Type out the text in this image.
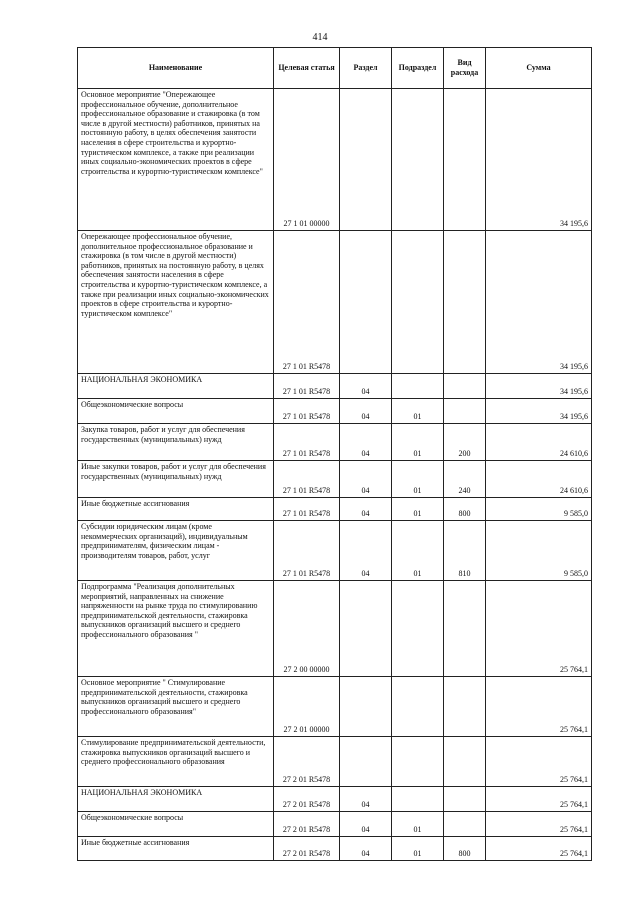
414
Наименование	Целевая статья	Раздел	Подраздел	Вид расхода	Сумма
Основное мероприятие "Опережающее профессиональное обучение, дополнительное профессиональное образование и стажировка (в том числе в другой местности) работников, принятых на постоянную работу, в целях обеспечения занятости населения в сфере строительства и курортно-туристическом комплексе, а также при реализации иных социально-экономических проектов в сфере строительства и курортно-туристическом комплексе"	27 1 01 00000				34 195,6
Опережающее профессиональное обучение, дополнительное профессиональное образование и стажировка (в том числе в другой местности) работников, принятых на постоянную работу, в целях обеспечения занятости населения в сфере строительства и курортно-туристическом комплексе, а также при реализации иных социально-экономических проектов в сфере строительства и курортно-туристическом комплексе"	27 1 01 R5478				34 195,6
НАЦИОНАЛЬНАЯ ЭКОНОМИКА	27 1 01 R5478	04			34 195,6
Общеэкономические вопросы	27 1 01 R5478	04	01		34 195,6
Закупка товаров, работ и услуг для обеспечения государственных (муниципальных) нужд	27 1 01 R5478	04	01	200	24 610,6
Иные закупки товаров, работ и услуг для обеспечения государственных (муниципальных) нужд	27 1 01 R5478	04	01	240	24 610,6
Иные бюджетные ассигнования	27 1 01 R5478	04	01	800	9 585,0
Субсидии юридическим лицам (кроме некоммерческих организаций), индивидуальным предпринимателям, физическим лицам - производителям товаров, работ, услуг	27 1 01 R5478	04	01	810	9 585,0
Подпрограмма "Реализация дополнительных мероприятий, направленных на снижение напряженности на рынке труда по стимулированию предпринимательской деятельности, стажировка выпускников организаций высшего и среднего профессионального образования "	27 2 00 00000				25 764,1
Основное мероприятие " Стимулирование предпринимательской деятельности, стажировка выпускников организаций высшего и среднего профессионального образования"	27 2 01 00000				25 764,1
Стимулирование предпринимательской деятельности, стажировка выпускников организаций высшего и среднего профессионального образования	27 2 01 R5478				25 764,1
НАЦИОНАЛЬНАЯ ЭКОНОМИКА	27 2 01 R5478	04			25 764,1
Общеэкономические вопросы	27 2 01 R5478	04	01		25 764,1
Иные бюджетные ассигнования	27 2 01 R5478	04	01	800	25 764,1
